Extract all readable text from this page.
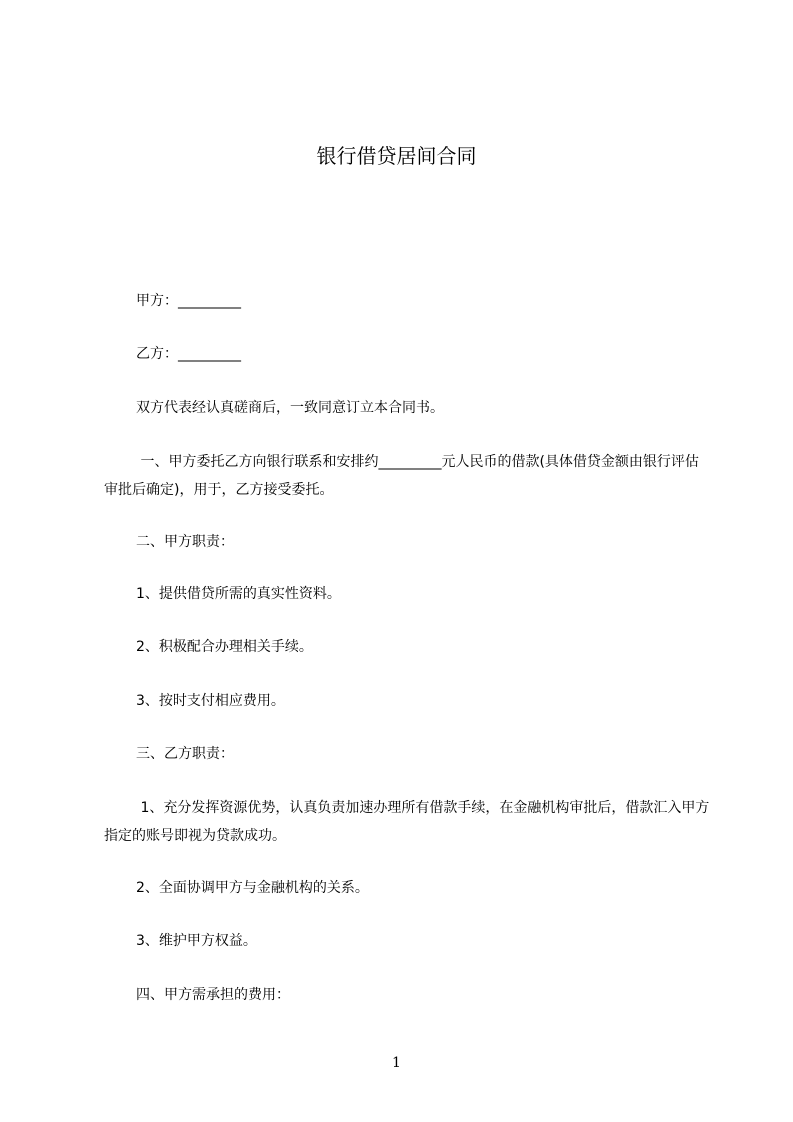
银行借贷居间合同
甲方：_________
乙方：_________
双方代表经认真磋商后，一致同意订立本合同书。
一、甲方委托乙方向银行联系和安排约_________元人民币的借款(具体借贷金额由银行评估审批后确定)，用于，乙方接受委托。
二、甲方职责：
1、提供借贷所需的真实性资料。
2、积极配合办理相关手续。
3、按时支付相应费用。
三、乙方职责：
1、充分发挥资源优势，认真负责加速办理所有借款手续，在金融机构审批后，借款汇入甲方指定的账号即视为贷款成功。
2、全面协调甲方与金融机构的关系。
3、维护甲方权益。
四、甲方需承担的费用：
1
